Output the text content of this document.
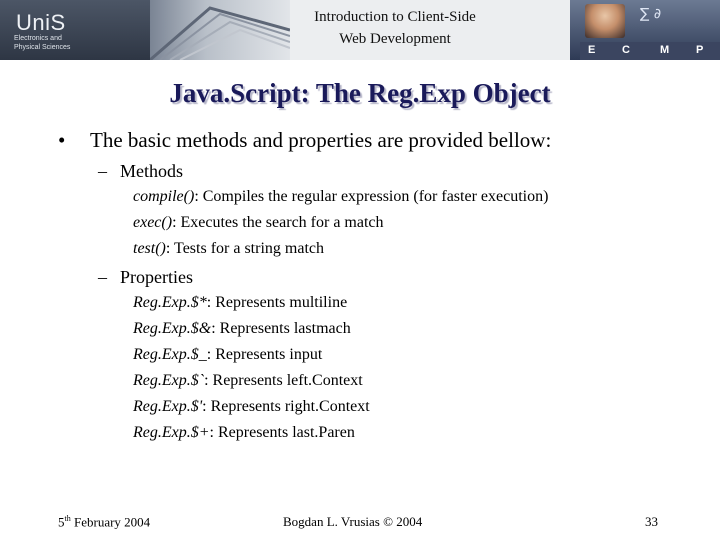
UniS
Electronics and
Physical Sciences
Introduction to Client-Side
Web Development
∑ ∂
E C	M P
Java.Script: The Reg.Exp Object
• The basic methods and properties are provided bellow:
– Methods
compile(): Compiles the regular expression (for faster execution)
exec(): Executes the search for a match
test(): Tests for a string match
– Properties
Reg.Exp.$*: Represents multiline
Reg.Exp.$&: Represents lastmach
Reg.Exp.$_: Represents input
Reg.Exp.$`: Represents left.Context
Reg.Exp.$': Represents right.Context
Reg.Exp.$+: Represents last.Paren
5th February 2004	Bogdan L. Vrusias © 2004	33
